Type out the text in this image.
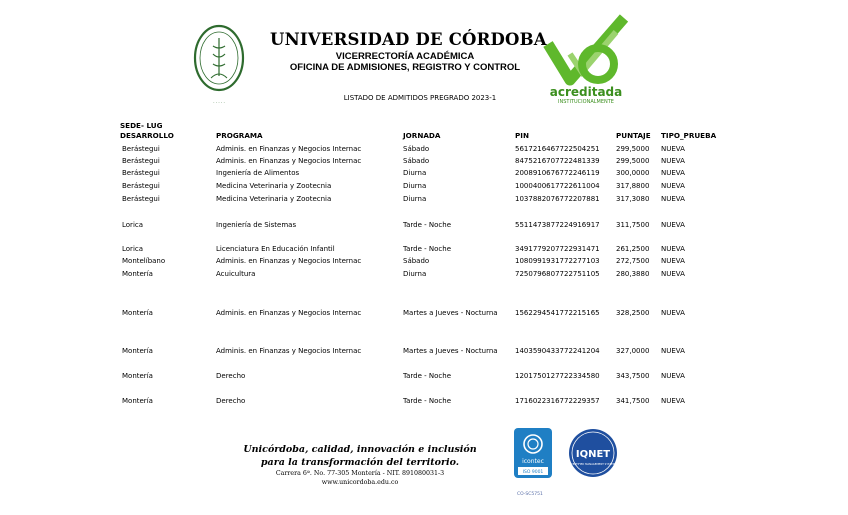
· · · · ·
UNIVERSIDAD DE CÓRDOBA
VICERRECTORÍA ACADÉMICA
OFICINA DE ADMISIONES, REGISTRO Y CONTROL
acreditada
INSTITUCIONALMENTE
LISTADO DE ADMITIDOS PREGRADO 2023-1
SEDE- LUG
DESARROLLO	PROGRAMA	JORNADA	PIN	PUNTAJE TIPO_PRUEBA
Berástegui	Adminis. en Finanzas y Negocios Internac	Sábado	5617216467722504251 299,5000 NUEVA
Berástegui	Adminis. en Finanzas y Negocios Internac	Sábado	8475216707722481339 299,5000 NUEVA
Berástegui	Ingeniería de Alimentos	Diurna	2008910676772246119 300,0000 NUEVA
Berástegui	Medicina Veterinaria y Zootecnia	Diurna	1000400617722611004 317,8800 NUEVA
Berástegui	Medicina Veterinaria y Zootecnia	Diurna	1037882076772207881 317,3080 NUEVA
Lorica	Ingeniería de Sistemas	Tarde - Noche	5511473877224916917 311,7500 NUEVA
Lorica	Licenciatura En Educación Infantil	Tarde - Noche	3491779207722931471 261,2500 NUEVA
Montelíbano	Adminis. en Finanzas y Negocios Internac	Sábado	1080991931772277103 272,7500 NUEVA
Montería	Acuicultura	Diurna	7250796807722751105 280,3880 NUEVA
Montería	Adminis. en Finanzas y Negocios Internac	Martes a Jueves - Nocturna 1562294541772215165 328,2500 NUEVA
Montería	Adminis. en Finanzas y Negocios Internac	Martes a Jueves - Nocturna 1403590433772241204 327,0000 NUEVA
Montería	Derecho	Tarde - Noche	1201750127722334580 343,7500 NUEVA
Montería	Derecho	Tarde - Noche	1716022316772229357 341,7500 NUEVA
Unicórdoba, calidad, innovación e inclusión
para la transformación del territorio.
Carrera 6ª. No. 77-305 Montería - NIT. 891080031-3
www.unicordoba.edu.co
icontec
ISO 9001
IQNET
CERTIFIED MANAGEMENT SYSTEM
CO-SC5751
